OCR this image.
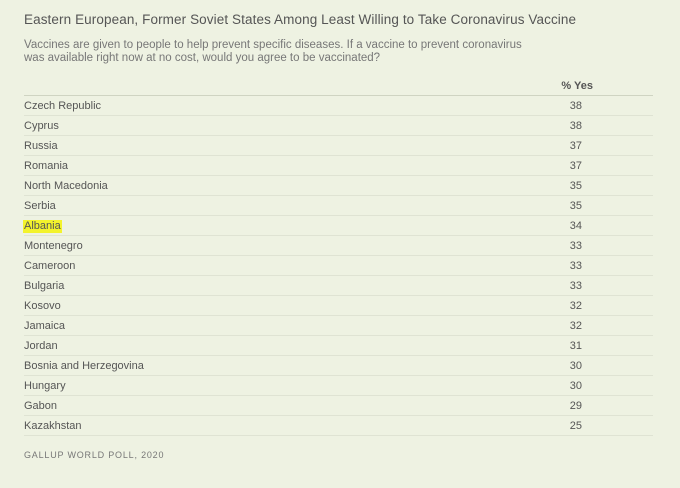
Eastern European, Former Soviet States Among Least Willing to Take Coronavirus Vaccine
Vaccines are given to people to help prevent specific diseases. If a vaccine to prevent coronavirus was available right now at no cost, would you agree to be vaccinated?
% Yes
Czech Republic	38
Cyprus	38
Russia	37
Romania	37
North Macedonia	35
Serbia	35
Albania	34
Montenegro	33
Cameroon	33
Bulgaria	33
Kosovo	32
Jamaica	32
Jordan	31
Bosnia and Herzegovina	30
Hungary	30
Gabon	29
Kazakhstan	25
GALLUP WORLD POLL, 2020
